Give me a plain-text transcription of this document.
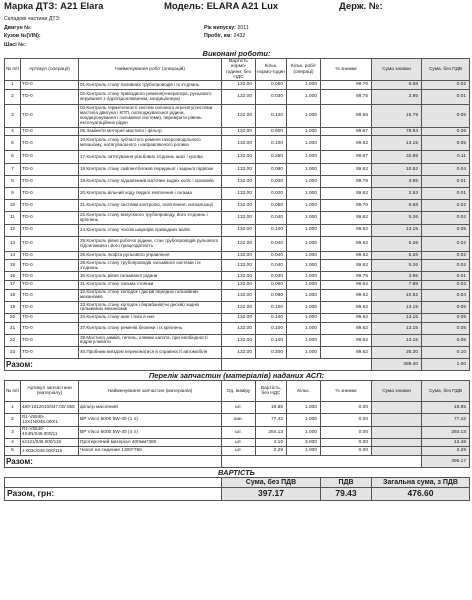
Марка ДТЗ: A21 Elara	Модель: ELARA A21 Lux	Держ. №:
Складові частини ДТЗ:
Двигун №:	Рік випуску: 2011
Кузов №(VIN):	Пробіг, км: 2432
Шасі №:
Виконані роботи:
№ п/п	Артикул (операції)	Найменування робіт (операцій)	Вартість нормо-години, без НДС	Кільк. нормо-годин	Кільк. робіт (операці)	% знижки	Сума знижки	Сума, без ПДВ
1	ТО-0	01.Контроль стану паливних трубопроводів і їх з'єднань	132.00	0.050	1.000	99.70	6.58	0.02
2	ТО-0	02.Контроль стану приводного ременя(генератора, рульового керування з гідропідсилювачем, кондиціонера)	132.00	0.030	1.000	99.75	3.95	0.01
3	ТО-0	03.Контроль герметичності систем силового агрегату(системи мастила двигуна і КПП, охолоджувальної рідини, кондиціонування і гальмової системи), перевірити рівень експлуатаційних рідин	132.00	0.120	1.000	99.66	15.79	0.05
4	ТО-0	05.Замінити моторне мастило і фільтр	132.00	0.600	1.000	99.67	78.94	0.26
5	ТО-0	10.Контроль стану зубчастого ременя газорозподільного механізму, натягувального і направляючого ролика	132.00	0.100	1.000	99.62	13.15	0.05
6	ТО-0	17.Контроль затягування різьбових з'єднань шасі і кузова	132.00	0.250	1.000	99.67	32.89	0.11
7	ТО-0	18.Контроль стану сайлентблоков передньої і задньої підвіски	132.00	0.080	1.000	99.62	10.52	0.04
8	ТО-0	19.Контроль стану підшипників маточин задніх коліс і промоків	132.00	0.030	1.000	99.75	3.95	0.01
9	ТО-0	20.Контроль вільний ходу педалі зчеплення і гальма	132.00	0.020	1.000	99.62	2.63	0.01
10	ТО-0	21.Контроль стану системи контролю, освітлення, сигналізації	132.00	0.050	1.000	99.70	6.58	0.02
11	ТО-0	22.Контроль стану випускного трубопроводу, його з'єднань і кріплень	132.00	0.040	1.000	99.62	5.26	0.02
12	ТО-0	24.Контроль стану чохлів шарнірів приводних валів	132.00	0.100	1.000	99.62	13.15	0.05
13	ТО-0	25.Контроль рівня робочої рідини, стан трубопроводів рульового підсилювача і його працездатність	132.00	0.040	1.000	99.62	5.26	0.02
14	ТО-0	26.Контроль люфта рульового управління	132.00	0.040	1.000	99.62	5.26	0.02
15	ТО-0	28.Контроль стану трубопроводів гальмівної системи і їх з'єднань	132.00	0.040	1.000	99.62	5.26	0.02
16	ТО-0	30.Контроль рівня гальмівної рідини	132.00	0.030	1.000	99.75	3.95	0.01
17	ТО-0	31.Контроль стану гальма стоянки	132.00	0.060	1.000	99.62	7.89	0.03
18	ТО-0	32.Контроль стану колодок і дисків передніх гальмівних механізмів	132.00	0.080	1.000	99.62	10.52	0.04
19	ТО-0	33.Контроль стану колодок і барабанів(чи дисків) задніх гальмівних механізмів	132.00	0.100	1.000	99.62	13.15	0.05
20	ТО-0	34.Контроль стану шин і тиск в них	132.00	0.100	1.000	99.62	13.15	0.05
21	ТО-0	37.Контроль стану ременів безпеки і їх кріплень	132.00	0.100	1.000	99.62	13.15	0.05
22	ТО-0	39.Мастило замків, петель, клямки капота, при необхідності відрегулювати	132.00	0.100	1.000	99.62	13.15	0.05
23	ТО-0	40.Пробним виїздом переконатися в справності автомобіля	132.00	0.200	1.000	99.62	26.30	0.10
Разом:							289.40	1.00
Перелік запчастин (матеріалів) наданих АСП:
№ п/п	Артикул запчастини (матеріалу)	Найменування запчастин (матеріалів)	Од. виміру	Вартість, без НДС	Кільк.	% знижки	Сума знижки	Сума, без ПДВ
1	480-1012010/047.00/.055	фільтр масляний	шт.	19.85	1.000	0.00		19.85
2	R1-V5540-12Х1N/048.000/1	BP Visco 5000 5W-40 (1 л)	кан.	77.42	1.000	0.00		77.42
3	R1-V5540-4Х4N/046.000/11	BP Visco 5000 5W-40 (4 л)	шт.	284.13	1.000	0.00		284.13
4	s4131/046.000/115	Протирочний матеріал 400мм*380	шт.	4.16	3.000	0.00		12.48
5	z-003c/046.000/115	Чехол на сидение 1300*790	шт.	2.29	1.000	0.00		2.29
Разом:								396.17
ВАРТІСТЬ
	Сума, без ПДВ	ПДВ	Загальна сума, з ПДВ
Разом, грн:	397.17	79.43	476.60
